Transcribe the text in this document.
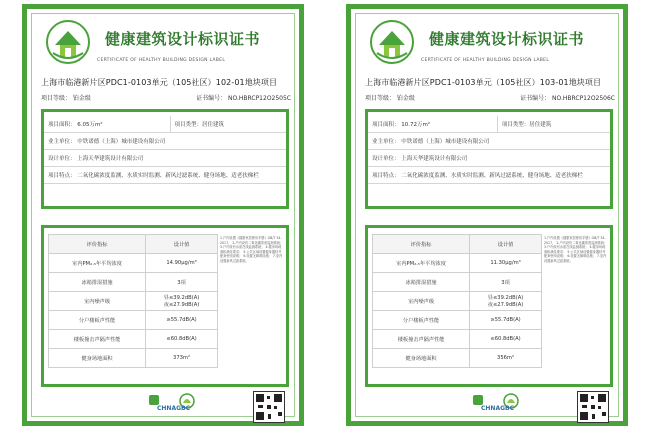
健康建筑设计标识证书
CERTIFICATE OF HEALTHY BUILDING DESIGN LABEL
上海市临港新片区PDC1-0103单元（105社区）102-01地块项目
项目等级： 铂金级	证书编号： NO.HBRCP12O2505C
项目面积： 6.05万m²	项目类型：居住建筑
业主单位： 中铁诺德（上海）城市建设有限公司
设计单位： 上海天华建筑设计有限公司
项目特点： 二氧化碳浓度监测、水质实时监测、新风过滤系统、健身场地、适老扶梯栏
评价指标	设计值
室内PM₂.₅年平均浓度	14.90μg/m³
冰箱排湿措施	3项
室内噪声级	昼≤39.2dB(A)
夜≤27.9dB(A)
分户楼板声性能	≥55.7dB(A)
楼板撞击声隔声性能	≤60.8dB(A)
健身场地面积	373m²
1.户内设置《健康家居使用手册》GB/T 34-2017， 2.户内设有二氧化碳浓度监测系统； 3.户内设有水质在线监测系统； 4.健身场地面积满足要求； 5.公共区域设置健身器材并配套使用说明； 6.设置无障碍设施； 7.室内设置新风过滤系统。
CHNAGBC
健康建筑设计标识证书
CERTIFICATE OF HEALTHY BUILDING DESIGN LABEL
上海市临港新片区PDC1-0103单元（105社区）103-01地块项目
项目等级： 铂金级	证书编号： NO.HBRCP12O2506C
项目面积： 10.72万m²	项目类型：居住建筑
业主单位： 中铁诺德（上海）城市建设有限公司
设计单位： 上海天华建筑设计有限公司
项目特点： 二氧化碳浓度监测、水质实时监测、新风过滤系统、健身场地、适老扶梯栏
评价指标	设计值
室内PM₂.₅年平均浓度	11.30μg/m³
冰箱排湿措施	3项
室内噪声级	昼≤39.2dB(A)
夜≤27.9dB(A)
分户楼板声性能	≥55.7dB(A)
楼板撞击声隔声性能	≤60.8dB(A)
健身场地面积	356m²
1.户内设置《健康家居使用手册》GB/T 34-2017， 2.户内设有二氧化碳浓度监测系统； 3.户内设有水质在线监测系统； 4.健身场地面积满足要求； 5.公共区域设置健身器材并配套使用说明； 6.设置无障碍设施； 7.室内设置新风过滤系统。
CHNAGBC
